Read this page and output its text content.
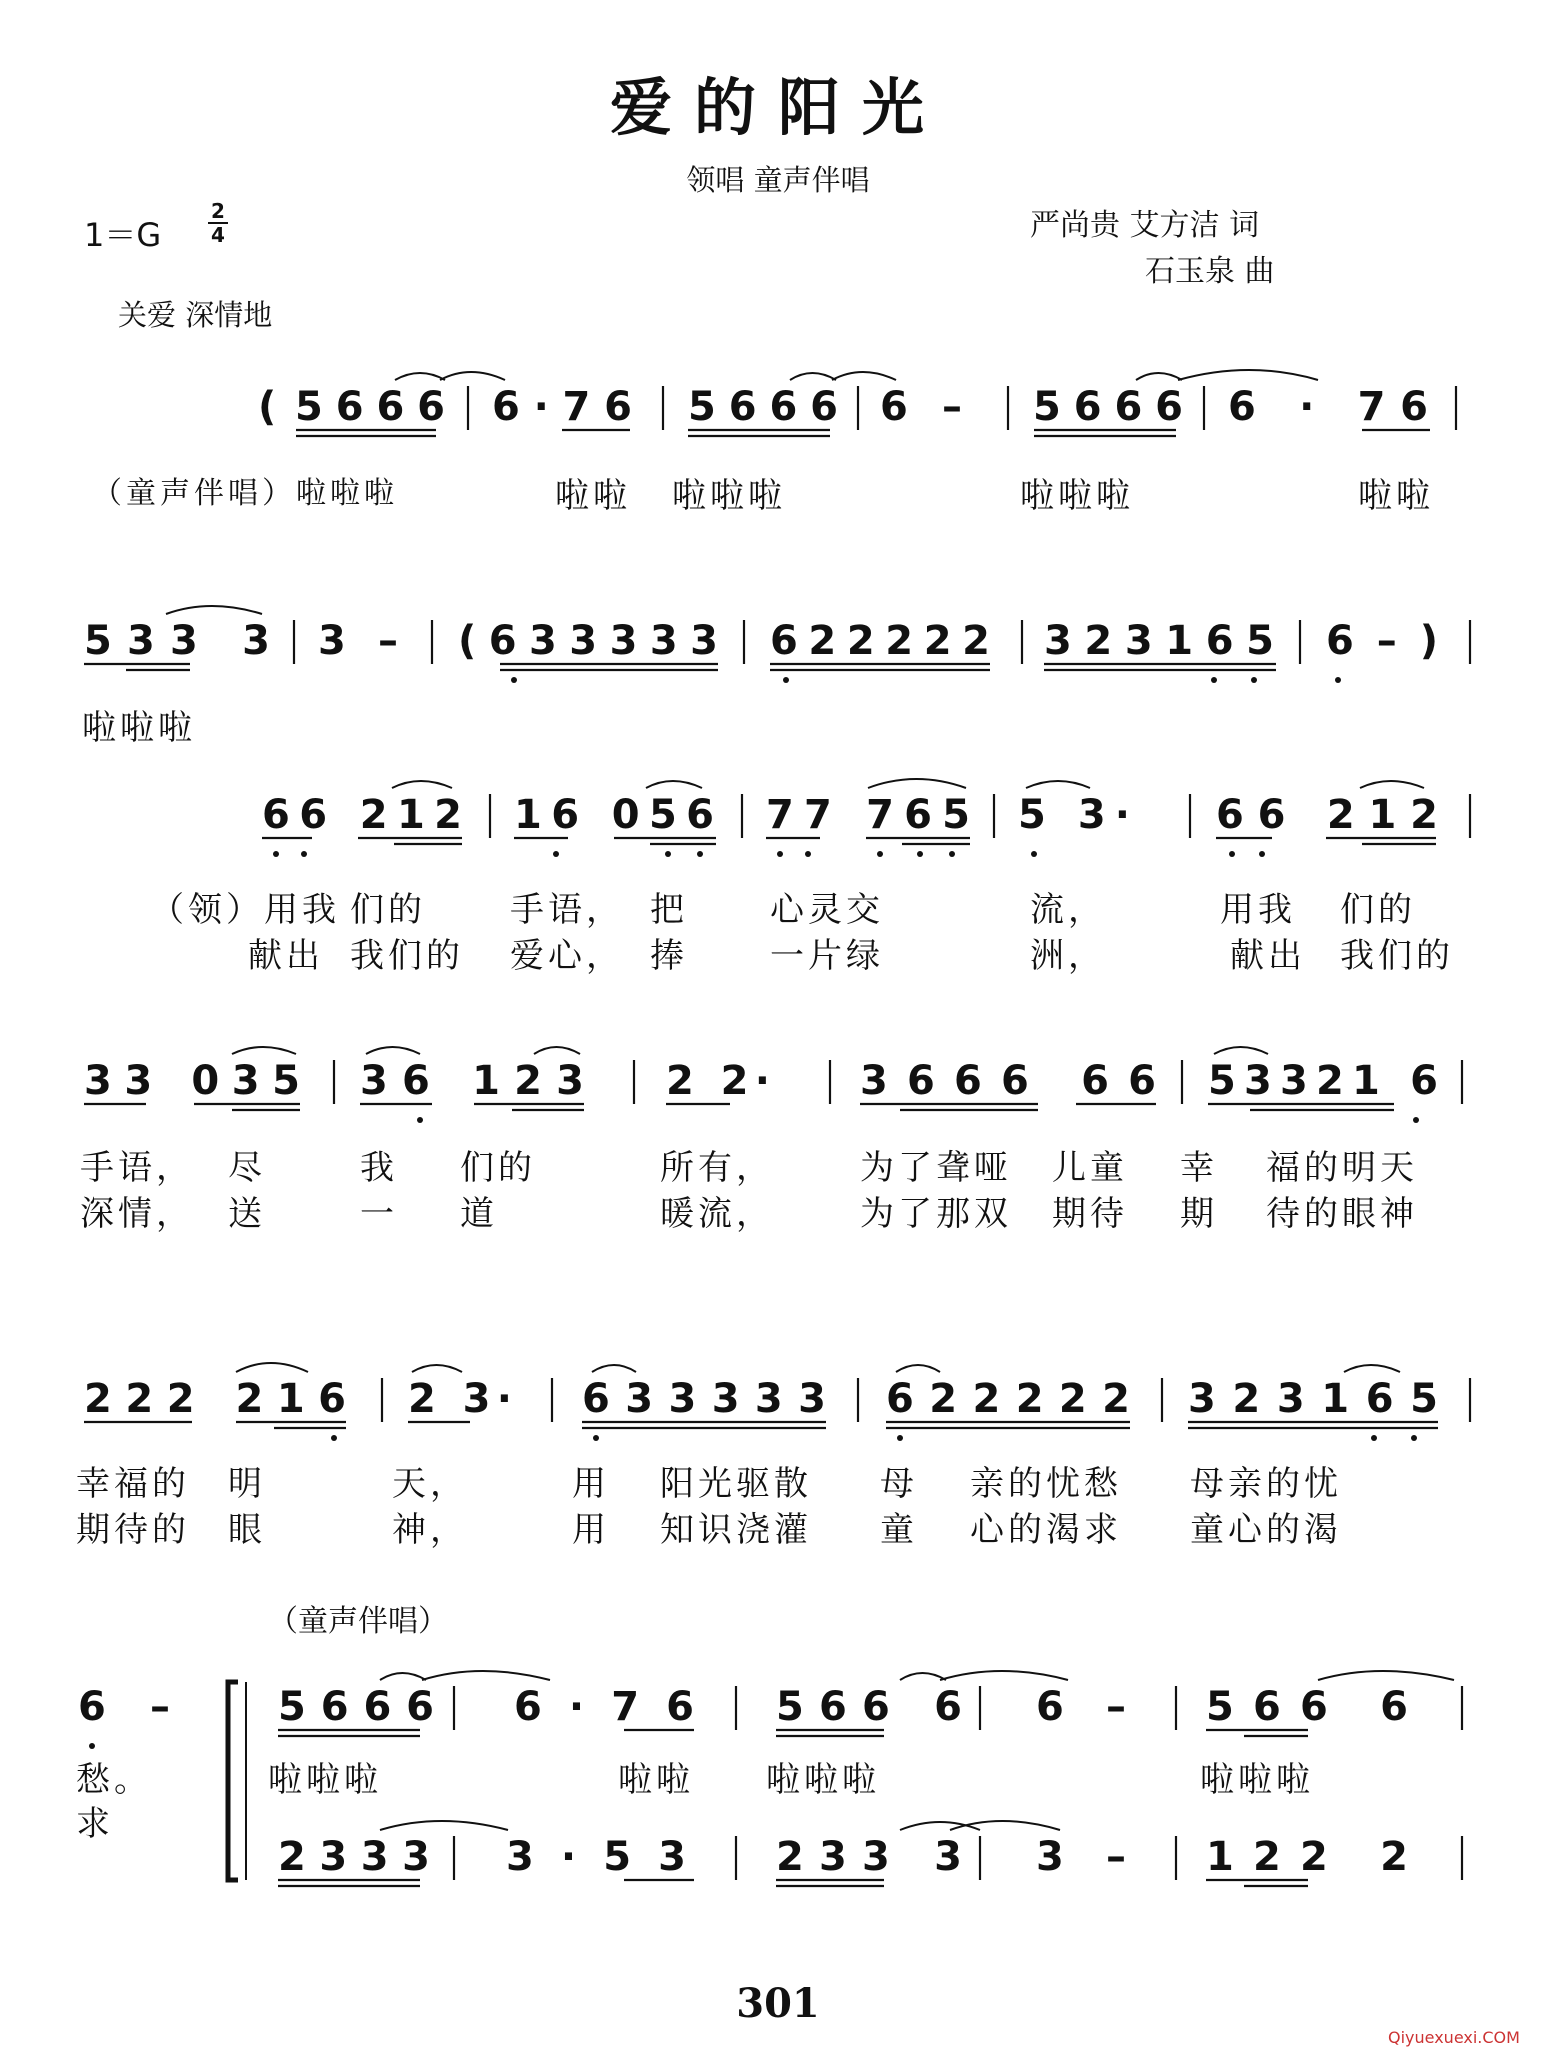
爱的阳光
领唱 童声伴唱
1＝G
2
4	严尚贵 艾方洁 词
石玉泉 曲
关爱 深情地
( 5666 6·76 5666 6 – 5666 6 · 76
（童声伴唱）啦啦啦	啦啦 啦啦啦	啦啦啦	啦啦
533 3 3 – (633333 622222 323165 6 – )
啦啦啦
66 212 16 056 77 765 5 3· 66 212
（领）用我 们的 手语， 把 心灵交	流，	用我 们的
献出 我们的 爱心， 捧 一片绿	洲，	献出 我们的
33 035 36 123 2 2· 3666 66 53321 6
手语， 尽	我 们的	所有，	为了聋哑 儿童 幸 福的明天
深情， 送	一 道	暖流，	为了那双 期待 期 待的眼神
222 216 2 3· 633333 622222 323165
幸福的 明	天，	用 阳光驱散 母 亲的忧愁 母亲的忧
期待的 眼	神，	用 知识浇灌 童 心的渴求 童心的渴
（童声伴唱）
6 –	5666 6·76 566 6 6 – 566 6
愁。
求
啦啦啦	啦啦 啦啦啦	啦啦啦
2333 3·53 233 3 3 – 122 2
301
Qiyuexuexi.COM
